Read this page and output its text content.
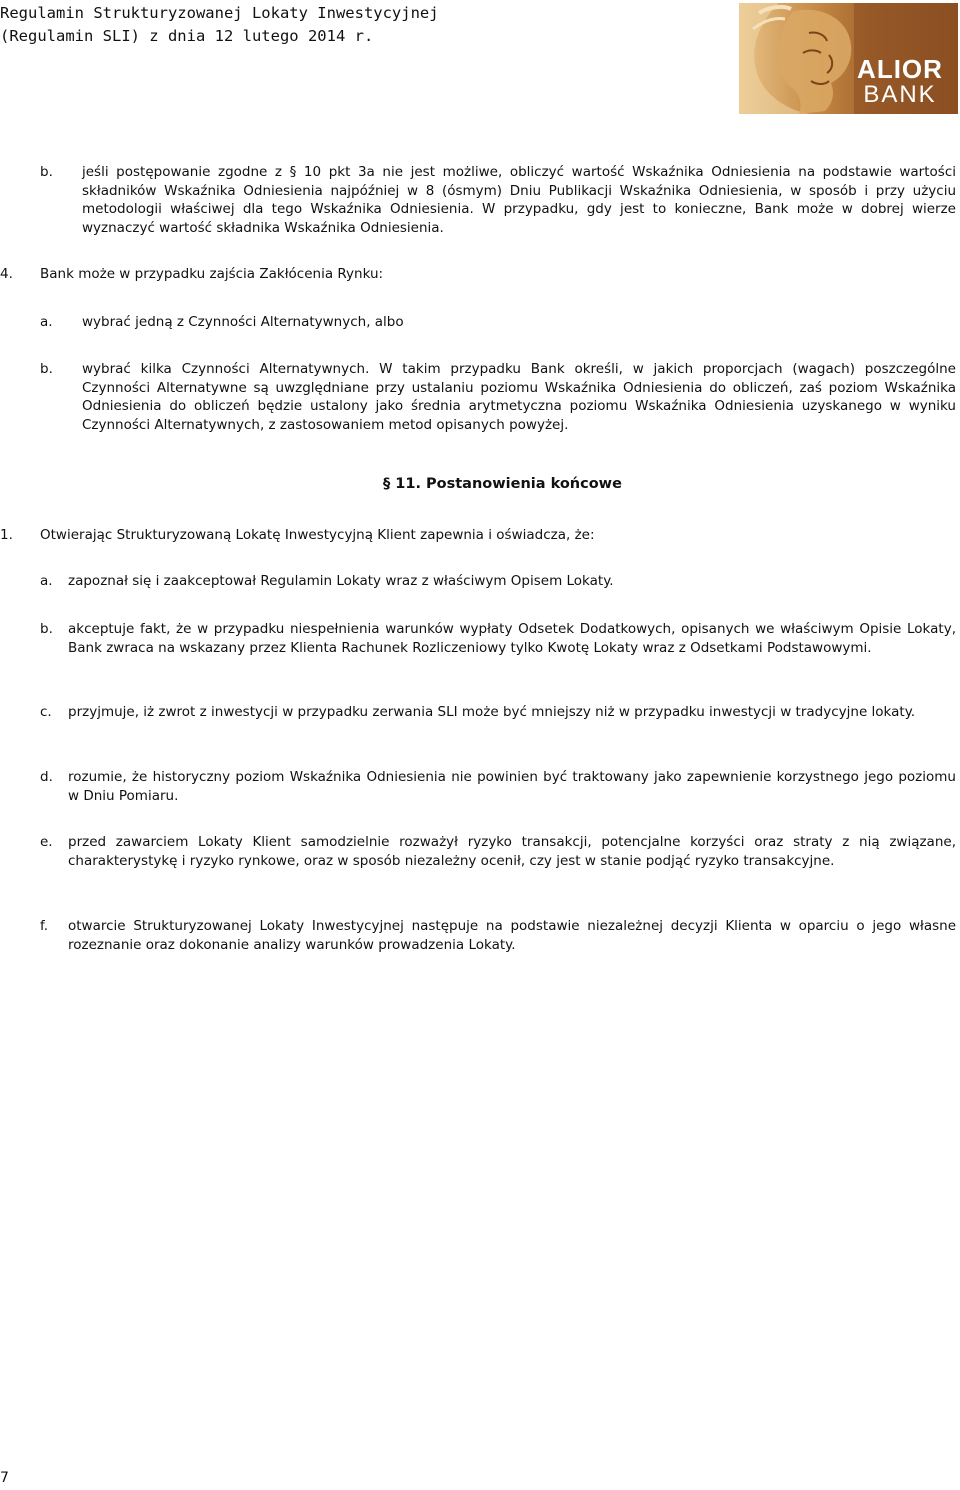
Regulamin Strukturyzowanej Lokaty Inwestycyjnej
(Regulamin SLI) z dnia 12 lutego 2014 r.
ALIOR
BANK
b. jeśli postępowanie zgodne z § 10 pkt 3a nie jest możliwe, obliczyć wartość Wskaźnika Odniesienia na podstawie wartości składników Wskaźnika Odniesienia najpóźniej w 8 (ósmym) Dniu Publikacji Wskaźnika Odniesienia, w sposób i przy użyciu metodologii właściwej dla tego Wskaźnika Odniesienia. W przypadku, gdy jest to konieczne, Bank może w dobrej wierze wyznaczyć wartość składnika Wskaźnika Odniesienia.
4. Bank może w przypadku zajścia Zakłócenia Rynku:
a. wybrać jedną z Czynności Alternatywnych, albo
b. wybrać kilka Czynności Alternatywnych. W takim przypadku Bank określi, w jakich proporcjach (wagach) poszczególne Czynności Alternatywne są uwzględniane przy ustalaniu poziomu Wskaźnika Odniesienia do obliczeń, zaś poziom Wskaźnika Odniesienia do obliczeń będzie ustalony jako średnia arytmetyczna poziomu Wskaźnika Odniesienia uzyskanego w wyniku Czynności Alternatywnych, z zastosowaniem metod opisanych powyżej.
§ 11. Postanowienia końcowe
1. Otwierając Strukturyzowaną Lokatę Inwestycyjną Klient zapewnia i oświadcza, że:
a. zapoznał się i zaakceptował Regulamin Lokaty wraz z właściwym Opisem Lokaty.
b. akceptuje fakt, że w przypadku niespełnienia warunków wypłaty Odsetek Dodatkowych, opisanych we właściwym Opisie Lokaty, Bank zwraca na wskazany przez Klienta Rachunek Rozliczeniowy tylko Kwotę Lokaty wraz z Odsetkami Podstawowymi.
c. przyjmuje, iż zwrot z inwestycji w przypadku zerwania SLI może być mniejszy niż w przypadku inwestycji w tradycyjne lokaty.
d. rozumie, że historyczny poziom Wskaźnika Odniesienia nie powinien być traktowany jako zapewnienie korzystnego jego poziomu w Dniu Pomiaru.
e. przed zawarciem Lokaty Klient samodzielnie rozważył ryzyko transakcji, potencjalne korzyści oraz straty z nią związane, charakterystykę i ryzyko rynkowe, oraz w sposób niezależny ocenił, czy jest w stanie podjąć ryzyko transakcyjne.
f. otwarcie Strukturyzowanej Lokaty Inwestycyjnej następuje na podstawie niezależnej decyzji Klienta w oparciu o jego własne rozeznanie oraz dokonanie analizy warunków prowadzenia Lokaty.
7
